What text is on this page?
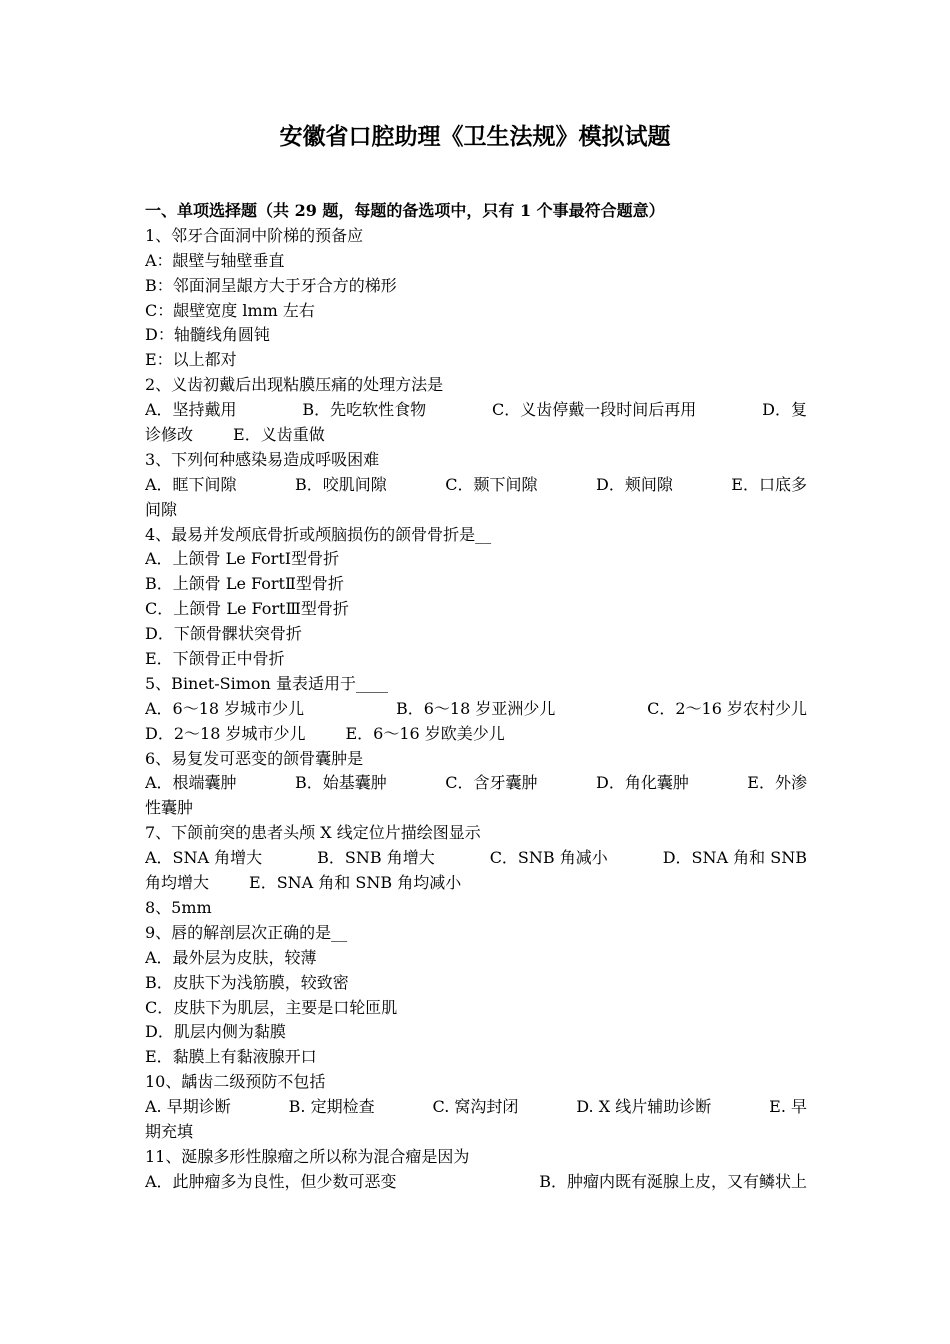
安徽省口腔助理《卫生法规》模拟试题
一、单项选择题（共 29 题，每题的备选项中，只有 1 个事最符合题意）
1、邻牙合面洞中阶梯的预备应
A：龈壁与轴壁垂直
B：邻面洞呈龈方大于牙合方的梯形
C：龈壁宽度 lmm 左右
D：轴髓线角圆钝
E：以上都对
2、义齿初戴后出现粘膜压痛的处理方法是
A．坚持戴用	B．先吃软性食物	C．义齿停戴一段时间后再用	D．复
诊修改	E．义齿重做
3、下列何种感染易造成呼吸困难
A．眶下间隙	B．咬肌间隙	C．颞下间隙	D．颊间隙	E．口底多
间隙
4、最易并发颅底骨折或颅脑损伤的颌骨骨折是__
A．上颌骨 Le FortⅠ型骨折
B．上颌骨 Le FortⅡ型骨折
C．上颌骨 Le FortⅢ型骨折
D．下颌骨髁状突骨折
E．下颌骨正中骨折
5、Binet-Simon 量表适用于____
A．6～18 岁城市少儿	B．6～18 岁亚洲少儿	C．2～16 岁农村少儿
D．2～18 岁城市少儿	E．6～16 岁欧美少儿
6、易复发可恶变的颌骨囊肿是
A．根端囊肿	B．始基囊肿	C．含牙囊肿	D．角化囊肿	E．外渗
性囊肿
7、下颌前突的患者头颅 X 线定位片描绘图显示
A．SNA 角增大	B．SNB 角增大	C．SNB 角减小	D．SNA 角和 SNB
角均增大	E．SNA 角和 SNB 角均减小
8、5mm
9、唇的解剖层次正确的是__
A．最外层为皮肤，较薄
B．皮肤下为浅筋膜，较致密
C．皮肤下为肌层，主要是口轮匝肌
D．肌层内侧为黏膜
E．黏膜上有黏液腺开口
10、龋齿二级预防不包括
A. 早期诊断	B. 定期检查	C. 窝沟封闭	D. X 线片辅助诊断	E. 早
期充填
11、涎腺多形性腺瘤之所以称为混合瘤是因为
A．此肿瘤多为良性，但少数可恶变	B．肿瘤内既有涎腺上皮，又有鳞状上
